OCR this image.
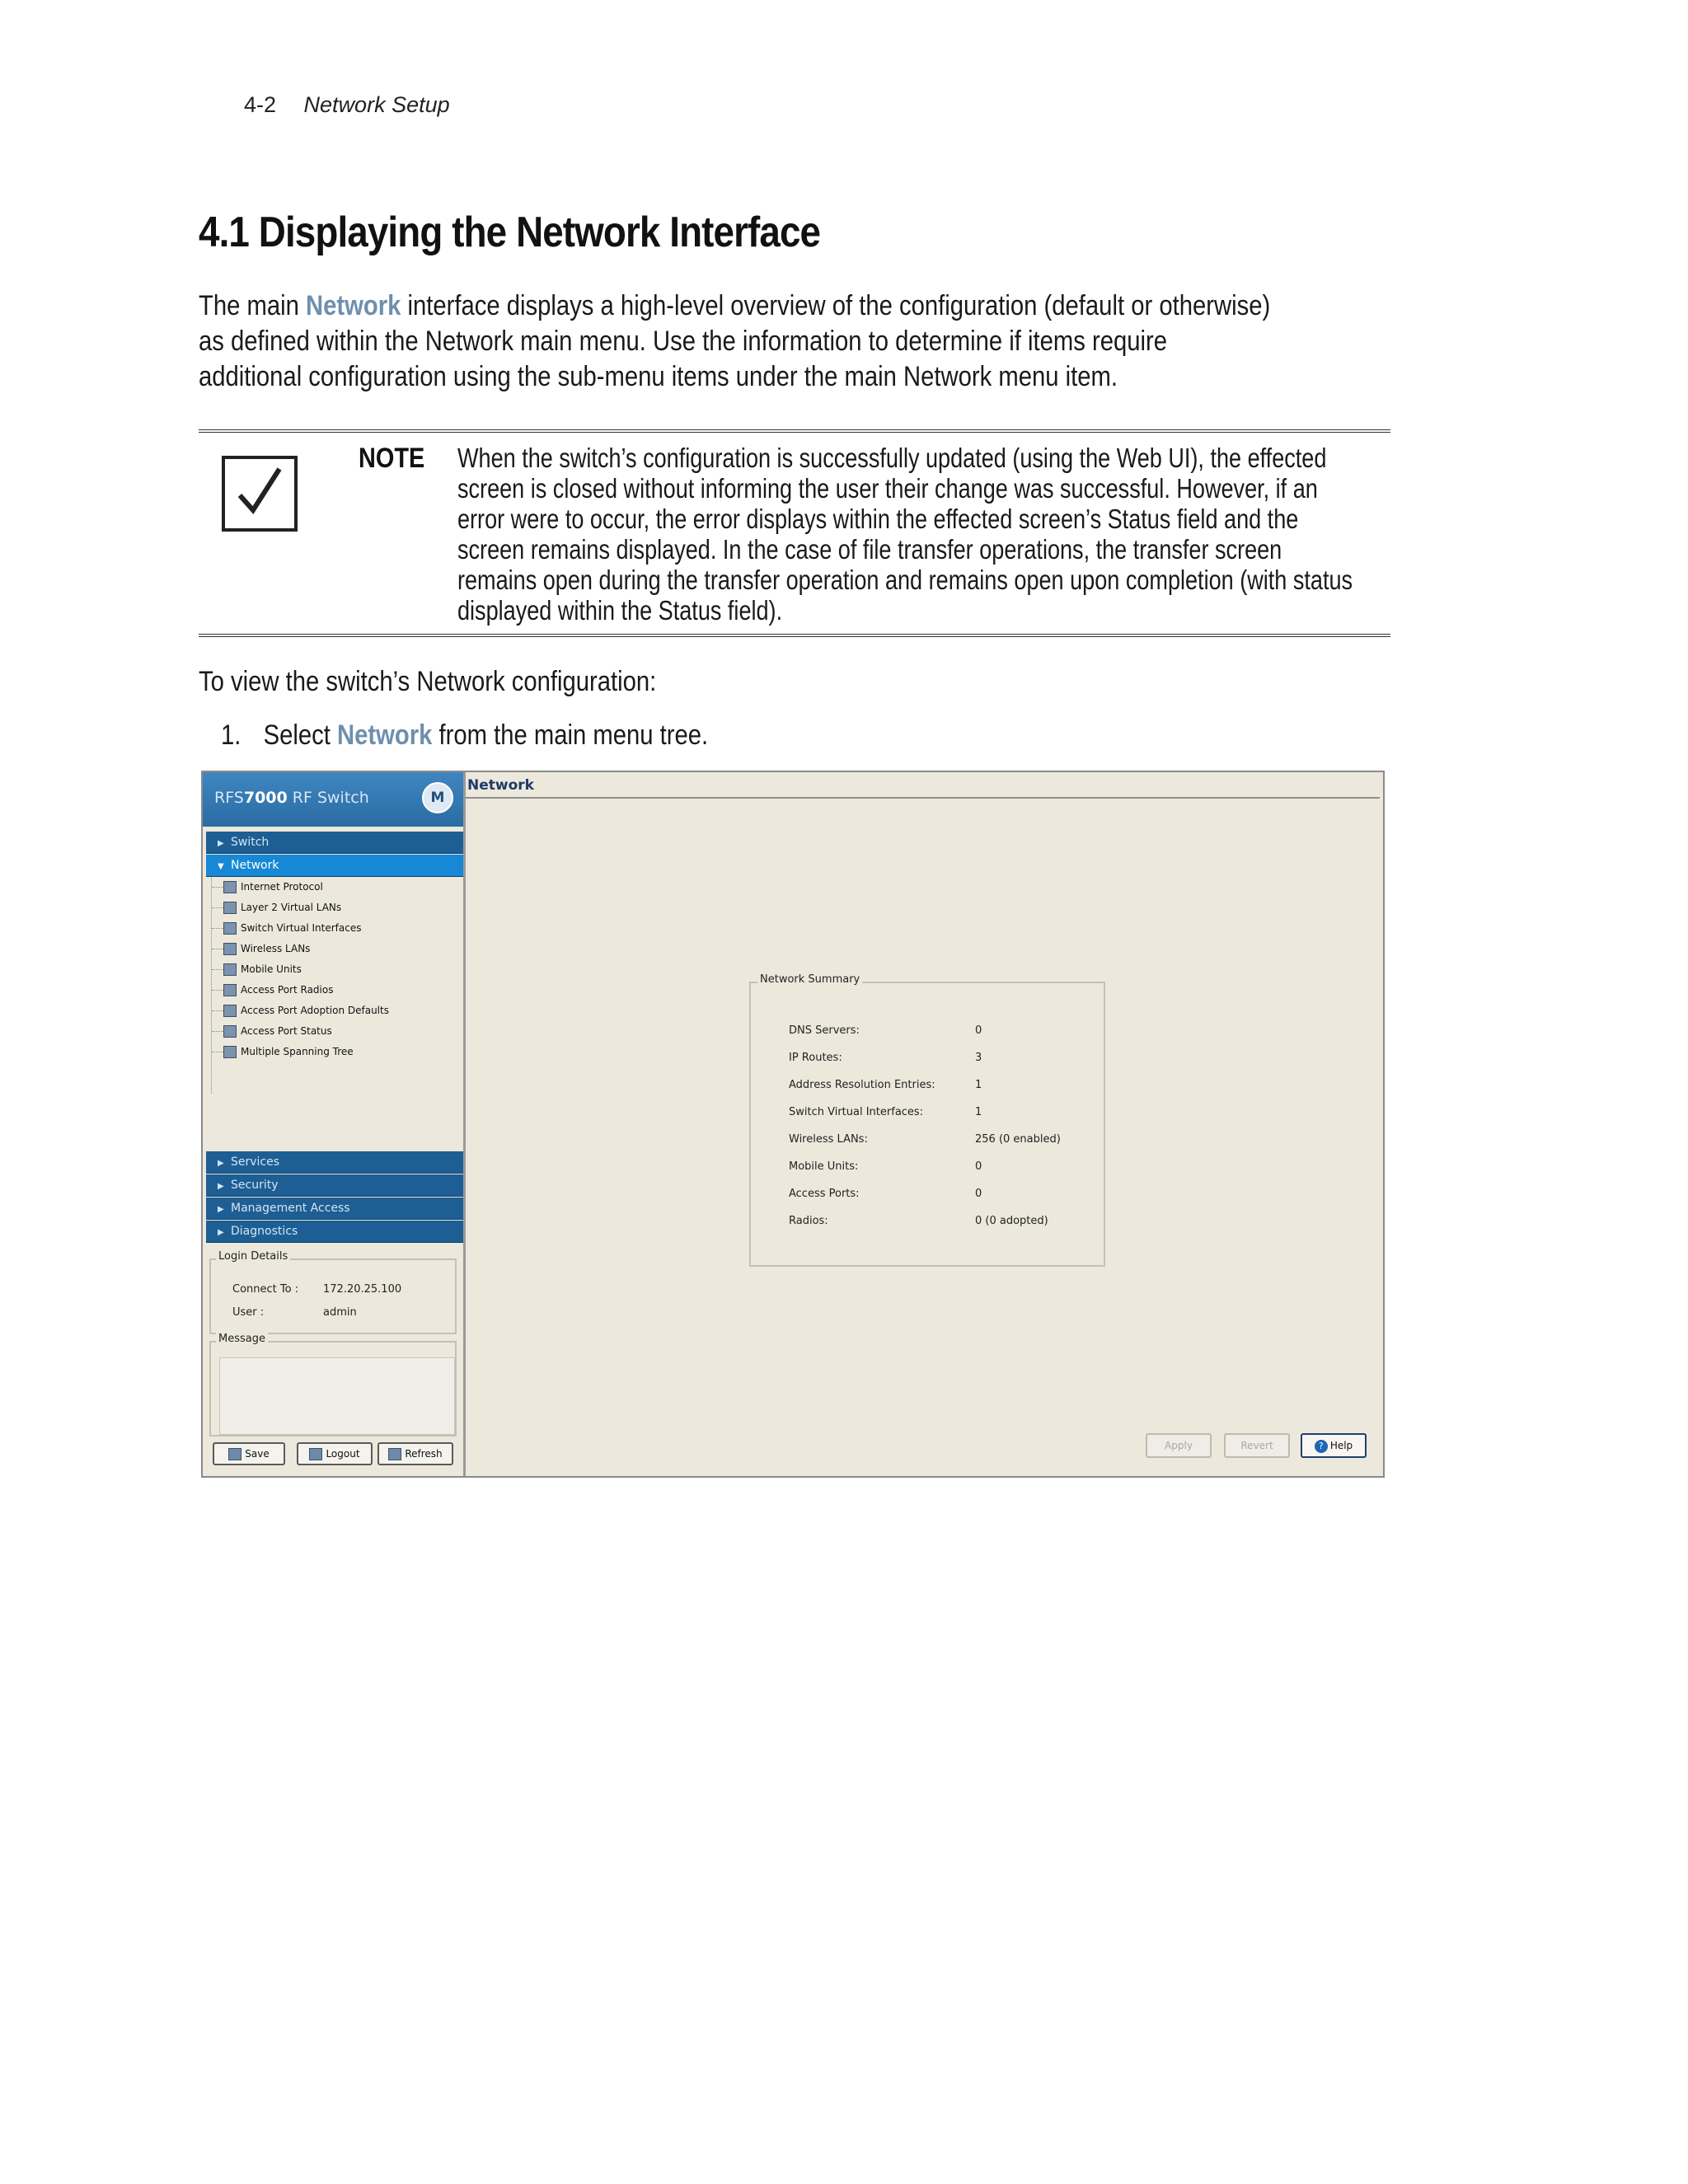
4-2 Network Setup
4.1 Displaying the Network Interface

The main Network interface displays a high-level overview of the configuration (default or otherwise) as defined within the Network main menu. Use the information to determine if items require additional configuration using the sub-menu items under the main Network menu item.

NOTE When the switch’s configuration is successfully updated (using the Web UI), the effected screen is closed without informing the user their change was successful. However, if an error were to occur, the error displays within the effected screen’s Status field and the screen remains displayed. In the case of file transfer operations, the transfer screen remains open during the transfer operation and remains open upon completion (with status displayed within the Status field).
To view the switch’s Network configuration:
1. Select Network from the main menu tree.
RFS7000 RF Switch	M
▶ Switch
▼ Network
Internet Protocol
Layer 2 Virtual LANs
Switch Virtual Interfaces
Wireless LANs
Mobile Units
Access Port Radios
Access Port Adoption Defaults
Access Port Status
Multiple Spanning Tree
▶ Services
▶ Security
▶ Management Access
▶ Diagnostics
Login Details
Connect To : 172.20.25.100
User :	admin
Message
Save	Logout	Refresh
Network
Network Summary
DNS Servers:	0
IP Routes:	3
Address Resolution Entries:	1
Switch Virtual Interfaces:	1
Wireless LANs:	256 (0 enabled)
Mobile Units:	0
Access Ports:	0
Radios:	0 (0 adopted)
Apply	Revert	? Help
